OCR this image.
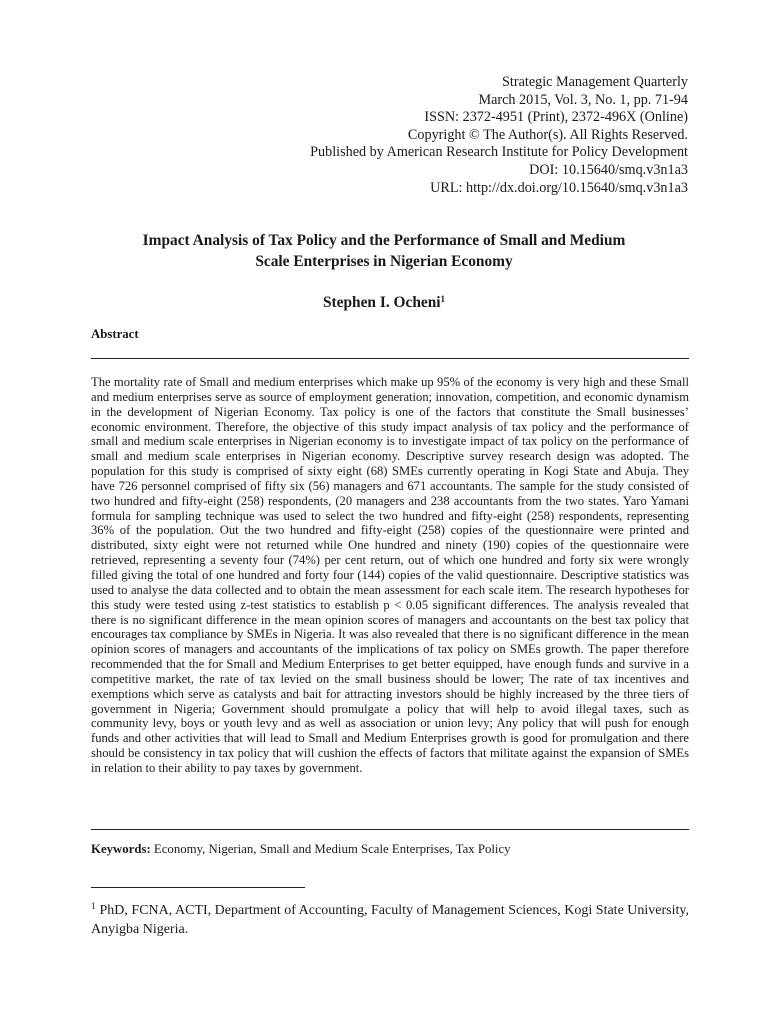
Strategic Management Quarterly
March 2015, Vol. 3, No. 1, pp. 71-94
ISSN: 2372-4951 (Print), 2372-496X (Online)
Copyright © The Author(s). All Rights Reserved.
Published by American Research Institute for Policy Development
DOI: 10.15640/smq.v3n1a3
URL: http://dx.doi.org/10.15640/smq.v3n1a3
Impact Analysis of Tax Policy and the Performance of Small and Medium
Scale Enterprises in Nigerian Economy
Stephen I. Ocheni$^1$
Abstract
The mortality rate of Small and medium enterprises which make up 95% of the economy is very high and these Small and medium enterprises serve as source of employment generation; innovation, competition, and economic dynamism in the development of Nigerian Economy. Tax policy is one of the factors that constitute the Small businesses’ economic environment. Therefore, the objective of this study impact analysis of tax policy and the performance of small and medium scale enterprises in Nigerian economy is to investigate impact of tax policy on the performance of small and medium scale enterprises in Nigerian economy. Descriptive survey research design was adopted. The population for this study is comprised of sixty eight (68) SMEs currently operating in Kogi State and Abuja. They have 726 personnel comprised of fifty six (56) managers and 671 accountants. The sample for the study consisted of two hundred and fifty-eight (258) respondents, (20 managers and 238 accountants from the two states. Yaro Yamani formula for sampling technique was used to select the two hundred and fifty-eight (258) respondents, representing 36% of the population. Out the two hundred and fifty-eight (258) copies of the questionnaire were printed and distributed, sixty eight were not returned while One hundred and ninety (190) copies of the questionnaire were retrieved, representing a seventy four (74%) per cent return, out of which one hundred and forty six were wrongly filled giving the total of one hundred and forty four (144) copies of the valid questionnaire. Descriptive statistics was used to analyse the data collected and to obtain the mean assessment for each scale item. The research hypotheses for this study were tested using z-test statistics to establish p < 0.05 significant differences. The analysis revealed that there is no significant difference in the mean opinion scores of managers and accountants on the best tax policy that encourages tax compliance by SMEs in Nigeria. It was also revealed that there is no significant difference in the mean opinion scores of managers and accountants of the implications of tax policy on SMEs growth. The paper therefore recommended that the for Small and Medium Enterprises to get better equipped, have enough funds and survive in a competitive market, the rate of tax levied on the small business should be lower; The rate of tax incentives and exemptions which serve as catalysts and bait for attracting investors should be highly increased by the three tiers of government in Nigeria; Government should promulgate a policy that will help to avoid illegal taxes, such as community levy, boys or youth levy and as well as association or union levy; Any policy that will push for enough funds and other activities that will lead to Small and Medium Enterprises growth is good for promulgation and there should be consistency in tax policy that will cushion the effects of factors that militate against the expansion of SMEs in relation to their ability to pay taxes by government.
Keywords: Economy, Nigerian, Small and Medium Scale Enterprises, Tax Policy
$^1$ PhD, FCNA, ACTI, Department of Accounting, Faculty of Management Sciences, Kogi State University, Anyigba Nigeria.
